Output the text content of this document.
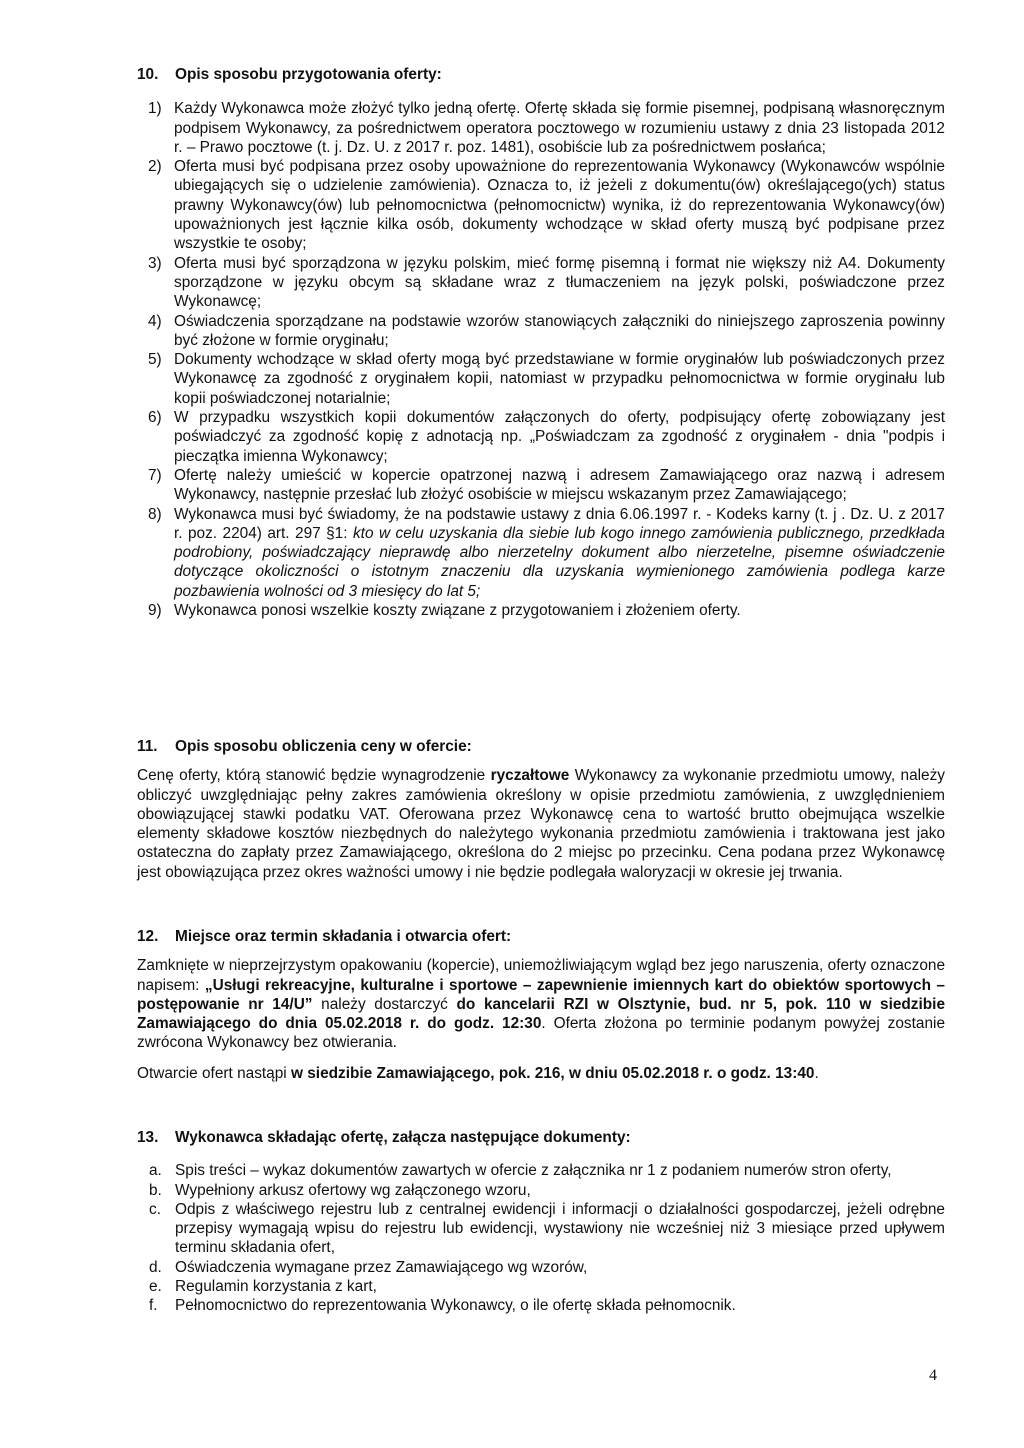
10.	Opis sposobu przygotowania oferty:
1) Każdy Wykonawca może złożyć tylko jedną ofertę. Ofertę składa się formie pisemnej, podpisaną własnoręcznym podpisem Wykonawcy, za pośrednictwem operatora pocztowego w rozumieniu ustawy z dnia 23 listopada 2012 r. – Prawo pocztowe (t. j. Dz. U. z 2017 r. poz. 1481), osobiście lub za pośrednictwem posłańca;
2) Oferta musi być podpisana przez osoby upoważnione do reprezentowania Wykonawcy (Wykonawców wspólnie ubiegających się o udzielenie zamówienia). Oznacza to, iż jeżeli z dokumentu(ów) określającego(ych) status prawny Wykonawcy(ów) lub pełnomocnictwa (pełnomocnictw) wynika, iż do reprezentowania Wykonawcy(ów) upoważnionych jest łącznie kilka osób, dokumenty wchodzące w skład oferty muszą być podpisane przez wszystkie te osoby;
3) Oferta musi być sporządzona w języku polskim, mieć formę pisemną i format nie większy niż A4. Dokumenty sporządzone w języku obcym są składane wraz z tłumaczeniem na język polski, poświadczone przez Wykonawcę;
4) Oświadczenia sporządzane na podstawie wzorów stanowiących załączniki do niniejszego zaproszenia powinny być złożone w formie oryginału;
5) Dokumenty wchodzące w skład oferty mogą być przedstawiane w formie oryginałów lub poświadczonych przez Wykonawcę za zgodność z oryginałem kopii, natomiast w przypadku pełnomocnictwa w formie oryginału lub kopii poświadczonej notarialnie;
6) W przypadku wszystkich kopii dokumentów załączonych do oferty, podpisujący ofertę zobowiązany jest poświadczyć za zgodność kopię z adnotacją np. „Poświadczam za zgodność z oryginałem - dnia "podpis i pieczątka imienna Wykonawcy;
7) Ofertę należy umieścić w kopercie opatrzonej nazwą i adresem Zamawiającego oraz nazwą i adresem Wykonawcy, następnie przesłać lub złożyć osobiście w miejscu wskazanym przez Zamawiającego;
8) Wykonawca musi być świadomy, że na podstawie ustawy z dnia 6.06.1997 r. - Kodeks karny (t. j . Dz. U. z 2017 r. poz. 2204) art. 297 §1: kto w celu uzyskania dla siebie lub kogo innego zamówienia publicznego, przedkłada podrobiony, poświadczający nieprawdę albo nierzetelny dokument albo nierzetelne, pisemne oświadczenie dotyczące okoliczności o istotnym znaczeniu dla uzyskania wymienionego zamówienia podlega karze pozbawienia wolności od 3 miesięcy do lat 5;
9) Wykonawca ponosi wszelkie koszty związane z przygotowaniem i złożeniem oferty.
11.	Opis sposobu obliczenia ceny w ofercie:

Cenę oferty, którą stanowić będzie wynagrodzenie ryczałtowe Wykonawcy za wykonanie przedmiotu umowy, należy obliczyć uwzględniając pełny zakres zamówienia określony w opisie przedmiotu zamówienia, z uwzględnieniem obowiązującej stawki podatku VAT. Oferowana przez Wykonawcę cena to wartość brutto obejmująca wszelkie elementy składowe kosztów niezbędnych do należytego wykonania przedmiotu zamówienia i traktowana jest jako ostateczna do zapłaty przez Zamawiającego, określona do 2 miejsc po przecinku. Cena podana przez Wykonawcę jest obowiązująca przez okres ważności umowy i nie będzie podlegała waloryzacji w okresie jej trwania.

12.	Miejsce oraz termin składania i otwarcia ofert:

Zamknięte w nieprzejrzystym opakowaniu (kopercie), uniemożliwiającym wgląd bez jego naruszenia, oferty oznaczone napisem: „Usługi rekreacyjne, kulturalne i sportowe – zapewnienie imiennych kart do obiektów sportowych – postępowanie nr 14/U” należy dostarczyć do kancelarii RZI w Olsztynie, bud. nr 5, pok. 110 w siedzibie Zamawiającego do dnia 05.02.2018 r. do godz. 12:30. Oferta złożona po terminie podanym powyżej zostanie zwrócona Wykonawcy bez otwierania.

Otwarcie ofert nastąpi w siedzibie Zamawiającego, pok. 216, w dniu 05.02.2018 r. o godz. 13:40.

13.	Wykonawca składając ofertę, załącza następujące dokumenty:
a. Spis treści – wykaz dokumentów zawartych w ofercie z załącznika nr 1 z podaniem numerów stron oferty,
b. Wypełniony arkusz ofertowy wg załączonego wzoru,
c. Odpis z właściwego rejestru lub z centralnej ewidencji i informacji o działalności gospodarczej, jeżeli odrębne przepisy wymagają wpisu do rejestru lub ewidencji, wystawiony nie wcześniej niż 3 miesiące przed upływem terminu składania ofert,
d. Oświadczenia wymagane przez Zamawiającego wg wzorów,
e. Regulamin korzystania z kart,
f.	Pełnomocnictwo do reprezentowania Wykonawcy, o ile ofertę składa pełnomocnik.
4
